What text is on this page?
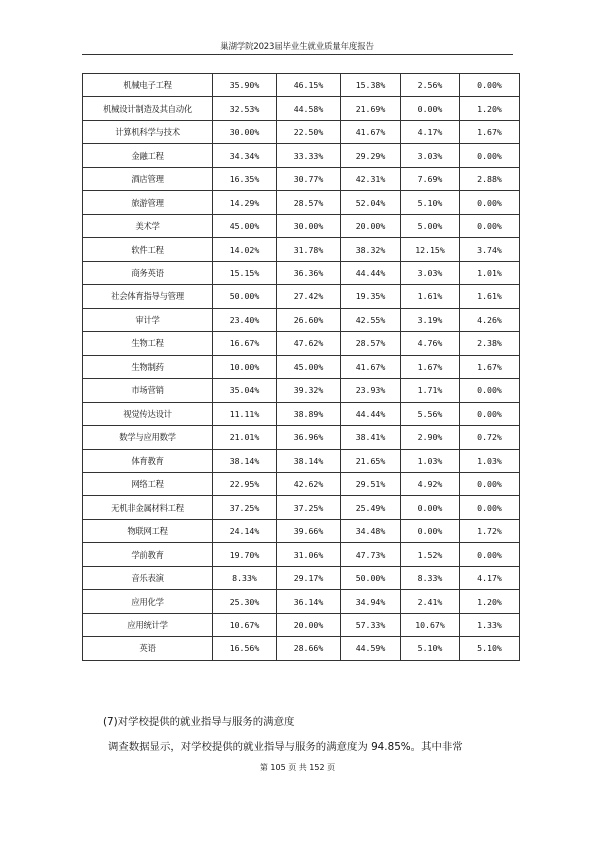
巢湖学院2023届毕业生就业质量年度报告
机械电子工程	35.90%	46.15%	15.38%	2.56%	0.00%
机械设计制造及其自动化	32.53%	44.58%	21.69%	0.00%	1.20%
计算机科学与技术	30.00%	22.50%	41.67%	4.17%	1.67%
金融工程	34.34%	33.33%	29.29%	3.03%	0.00%
酒店管理	16.35%	30.77%	42.31%	7.69%	2.88%
旅游管理	14.29%	28.57%	52.04%	5.10%	0.00%
美术学	45.00%	30.00%	20.00%	5.00%	0.00%
软件工程	14.02%	31.78%	38.32%	12.15%	3.74%
商务英语	15.15%	36.36%	44.44%	3.03%	1.01%
社会体育指导与管理	50.00%	27.42%	19.35%	1.61%	1.61%
审计学	23.40%	26.60%	42.55%	3.19%	4.26%
生物工程	16.67%	47.62%	28.57%	4.76%	2.38%
生物制药	10.00%	45.00%	41.67%	1.67%	1.67%
市场营销	35.04%	39.32%	23.93%	1.71%	0.00%
视觉传达设计	11.11%	38.89%	44.44%	5.56%	0.00%
数学与应用数学	21.01%	36.96%	38.41%	2.90%	0.72%
体育教育	38.14%	38.14%	21.65%	1.03%	1.03%
网络工程	22.95%	42.62%	29.51%	4.92%	0.00%
无机非金属材料工程	37.25%	37.25%	25.49%	0.00%	0.00%
物联网工程	24.14%	39.66%	34.48%	0.00%	1.72%
学前教育	19.70%	31.06%	47.73%	1.52%	0.00%
音乐表演	8.33%	29.17%	50.00%	8.33%	4.17%
应用化学	25.30%	36.14%	34.94%	2.41%	1.20%
应用统计学	10.67%	20.00%	57.33%	10.67%	1.33%
英语	16.56%	28.66%	44.59%	5.10%	5.10%
(7)对学校提供的就业指导与服务的满意度
调查数据显示，对学校提供的就业指导与服务的满意度为 94.85%。其中非常
第 105 页 共 152 页
